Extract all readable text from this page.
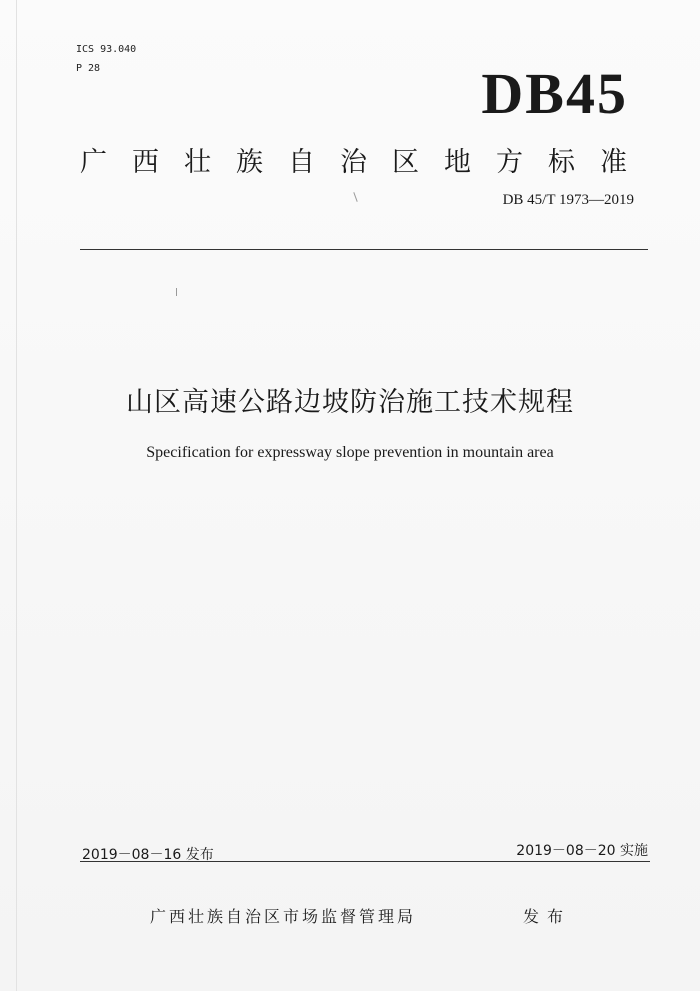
ICS 93.040
P 28	DB45
广西壮族自治区地方标准
DB 45/T 1973—2019
山区高速公路边坡防治施工技术规程
Specification for expressway slope prevention in mountain area
2019－08－16 发布	2019－08－20 实施
广西壮族自治区市场监督管理局	发布
